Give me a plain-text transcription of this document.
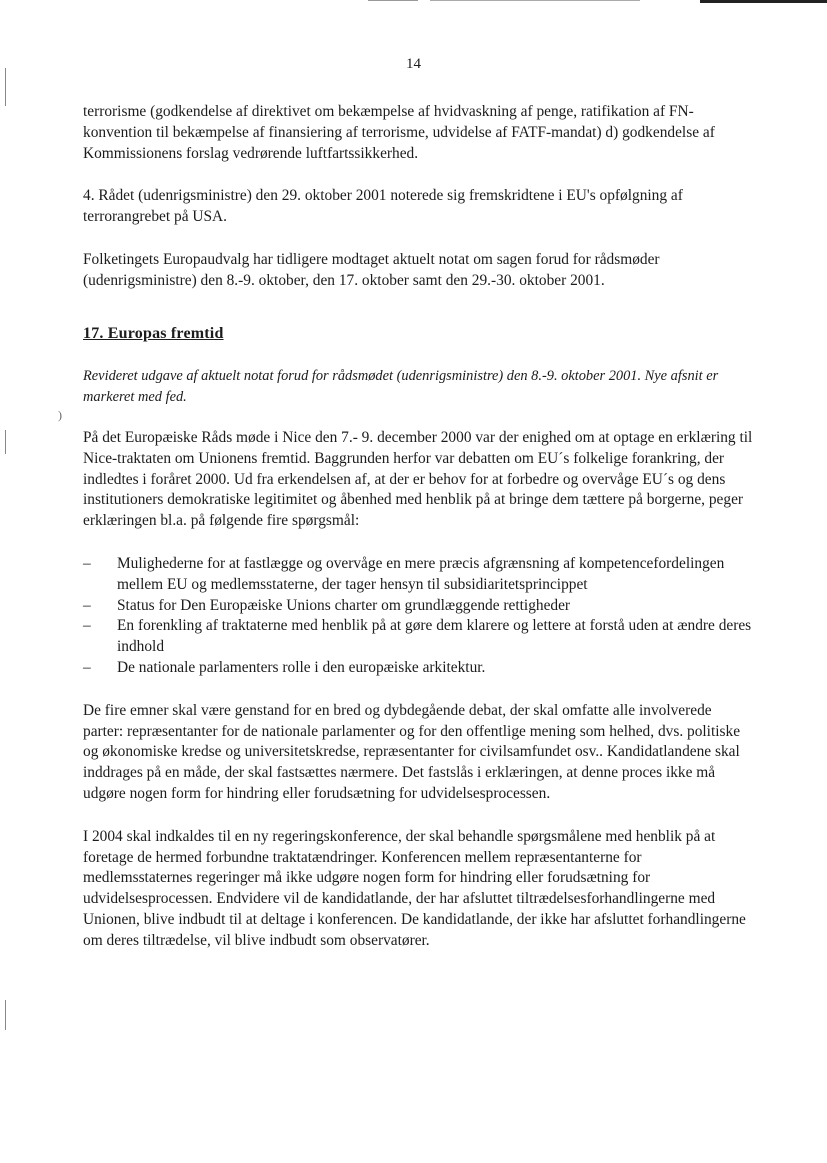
14
)

terrorisme (godkendelse af direktivet om bekæmpelse af hvidvaskning af penge, ratifikation af FN-konvention til bekæmpelse af finansiering af terrorisme, udvidelse af FATF-mandat) d) godkendelse af Kommissionens forslag vedrørende luftfartssikkerhed.

4. Rådet (udenrigsministre) den 29. oktober 2001 noterede sig fremskridtene i EU's opfølgning af terrorangrebet på USA.

Folketingets Europaudvalg har tidligere modtaget aktuelt notat om sagen forud for rådsmøder (udenrigsministre) den 8.-9. oktober, den 17. oktober samt den 29.-30. oktober 2001.

17. Europas fremtid

Revideret udgave af aktuelt notat forud for rådsmødet (udenrigsministre) den 8.-9. oktober 2001. Nye afsnit er markeret med fed.

På det Europæiske Råds møde i Nice den 7.- 9. december 2000 var der enighed om at optage en erklæring til Nice-traktaten om Unionens fremtid. Baggrunden herfor var debatten om EU´s folkelige forankring, der indledtes i foråret 2000. Ud fra erkendelsen af, at der er behov for at forbedre og overvåge EU´s og dens institutioners demokratiske legitimitet og åbenhed med henblik på at bringe dem tættere på borgerne, peger erklæringen bl.a. på følgende fire spørgsmål:

– Mulighederne for at fastlægge og overvåge en mere præcis afgrænsning af kompetencefordelingen mellem EU og medlemsstaterne, der tager hensyn til subsidiaritetsprincippet
– Status for Den Europæiske Unions charter om grundlæggende rettigheder
– En forenkling af traktaterne med henblik på at gøre dem klarere og lettere at forstå uden at ændre deres indhold
– De nationale parlamenters rolle i den europæiske arkitektur.

De fire emner skal være genstand for en bred og dybdegående debat, der skal omfatte alle involverede parter: repræsentanter for de nationale parlamenter og for den offentlige mening som helhed, dvs. politiske og økonomiske kredse og universitetskredse, repræsentanter for civilsamfundet osv.. Kandidatlandene skal inddrages på en måde, der skal fastsættes nærmere. Det fastslås i erklæringen, at denne proces ikke må udgøre nogen form for hindring eller forudsætning for udvidelsesprocessen.

I 2004 skal indkaldes til en ny regeringskonference, der skal behandle spørgsmålene med henblik på at foretage de hermed forbundne traktatændringer. Konferencen mellem repræsentanterne for medlemsstaternes regeringer må ikke udgøre nogen form for hindring eller forudsætning for udvidelsesprocessen. Endvidere vil de kandidatlande, der har afsluttet tiltrædelsesforhandlingerne med Unionen, blive indbudt til at deltage i konferencen. De kandidatlande, der ikke har afsluttet forhandlingerne om deres tiltrædelse, vil blive indbudt som observatører.
